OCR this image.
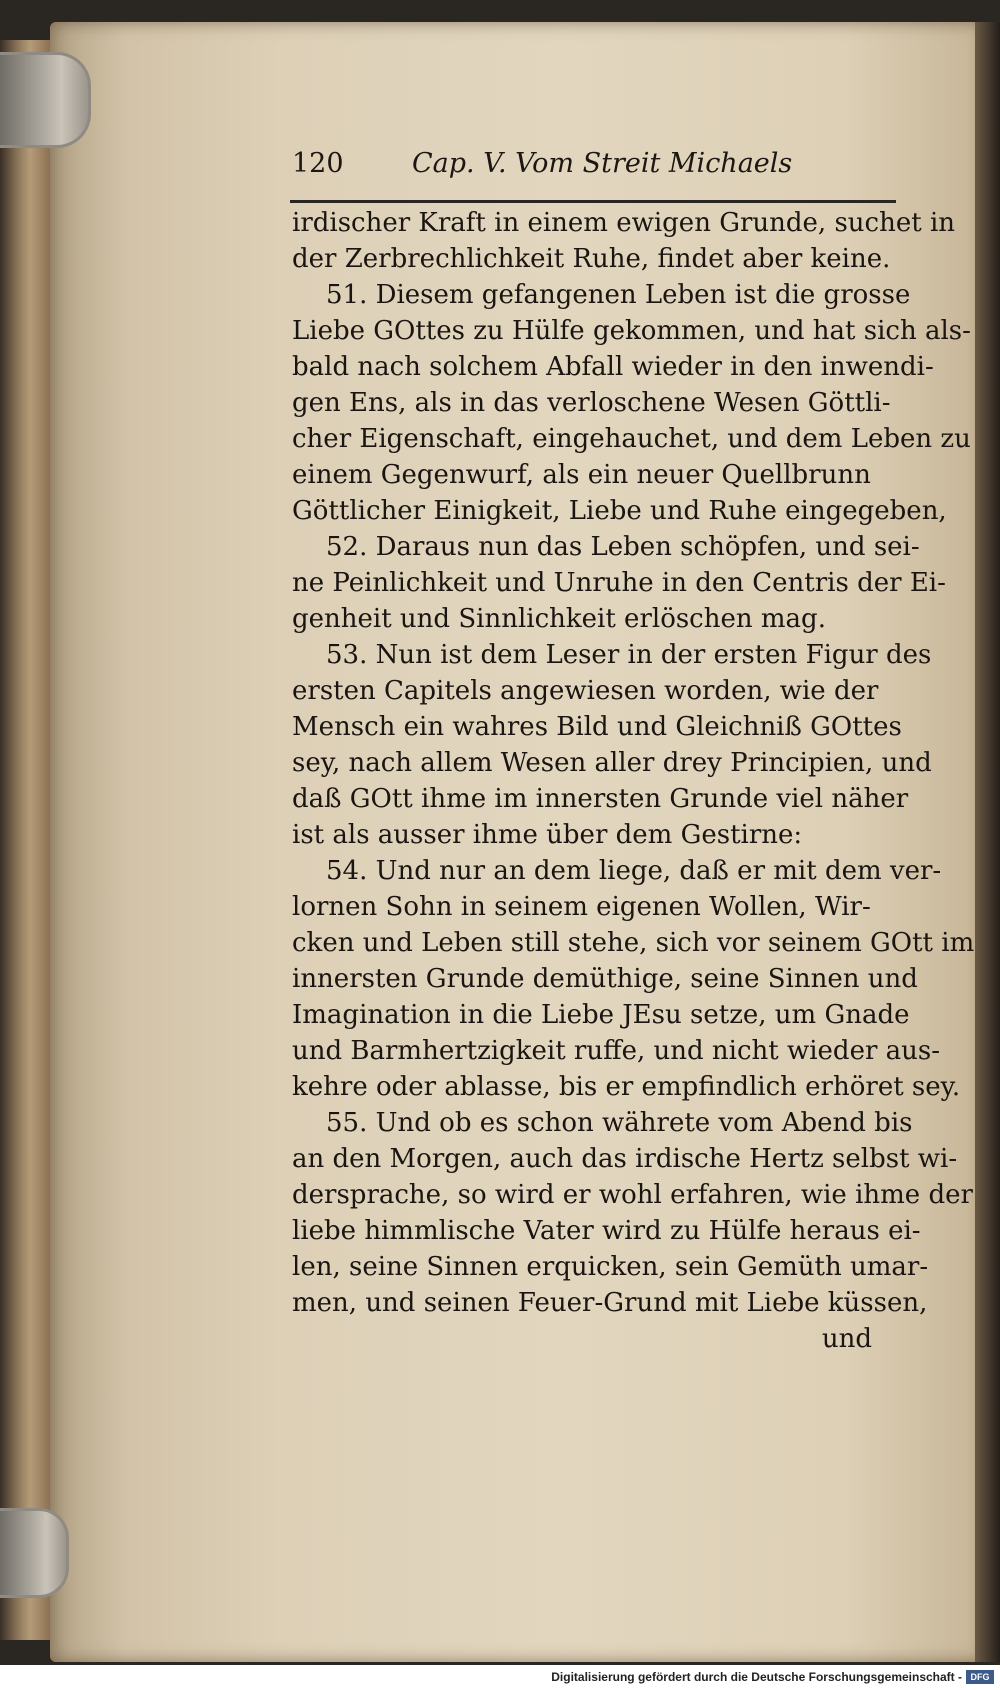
120	Cap. V. Vom Streit Michaels
irdischer Kraft in einem ewigen Grunde, suchet in
der Zerbrechlichkeit Ruhe, findet aber keine.
51. Diesem gefangenen Leben ist die grosse
Liebe GOttes zu Hülfe gekommen, und hat sich als-
bald nach solchem Abfall wieder in den inwendi-
gen Ens, als in das verloschene Wesen Göttli-
cher Eigenschaft, eingehauchet, und dem Leben zu
einem Gegenwurf, als ein neuer Quellbrunn
Göttlicher Einigkeit, Liebe und Ruhe eingegeben,
52. Daraus nun das Leben schöpfen, und sei-
ne Peinlichkeit und Unruhe in den Centris der Ei-
genheit und Sinnlichkeit erlöschen mag.
53. Nun ist dem Leser in der ersten Figur des
ersten Capitels angewiesen worden, wie der
Mensch ein wahres Bild und Gleichniß GOttes
sey, nach allem Wesen aller drey Principien, und
daß GOtt ihme im innersten Grunde viel näher
ist als ausser ihme über dem Gestirne:
54. Und nur an dem liege, daß er mit dem ver-
lornen Sohn in seinem eigenen Wollen, Wir-
cken und Leben still stehe, sich vor seinem GOtt im
innersten Grunde demüthige, seine Sinnen und
Imagination in die Liebe JEsu setze, um Gnade
und Barmhertzigkeit ruffe, und nicht wieder aus-
kehre oder ablasse, bis er empfindlich erhöret sey.
55. Und ob es schon währete vom Abend bis
an den Morgen, auch das irdische Hertz selbst wi-
dersprache, so wird er wohl erfahren, wie ihme der
liebe himmlische Vater wird zu Hülfe heraus ei-
len, seine Sinnen erquicken, sein Gemüth umar-
men, und seinen Feuer-Grund mit Liebe küssen,
und
Digitalisierung gefördert durch die Deutsche Forschungsgemeinschaft - DFG
